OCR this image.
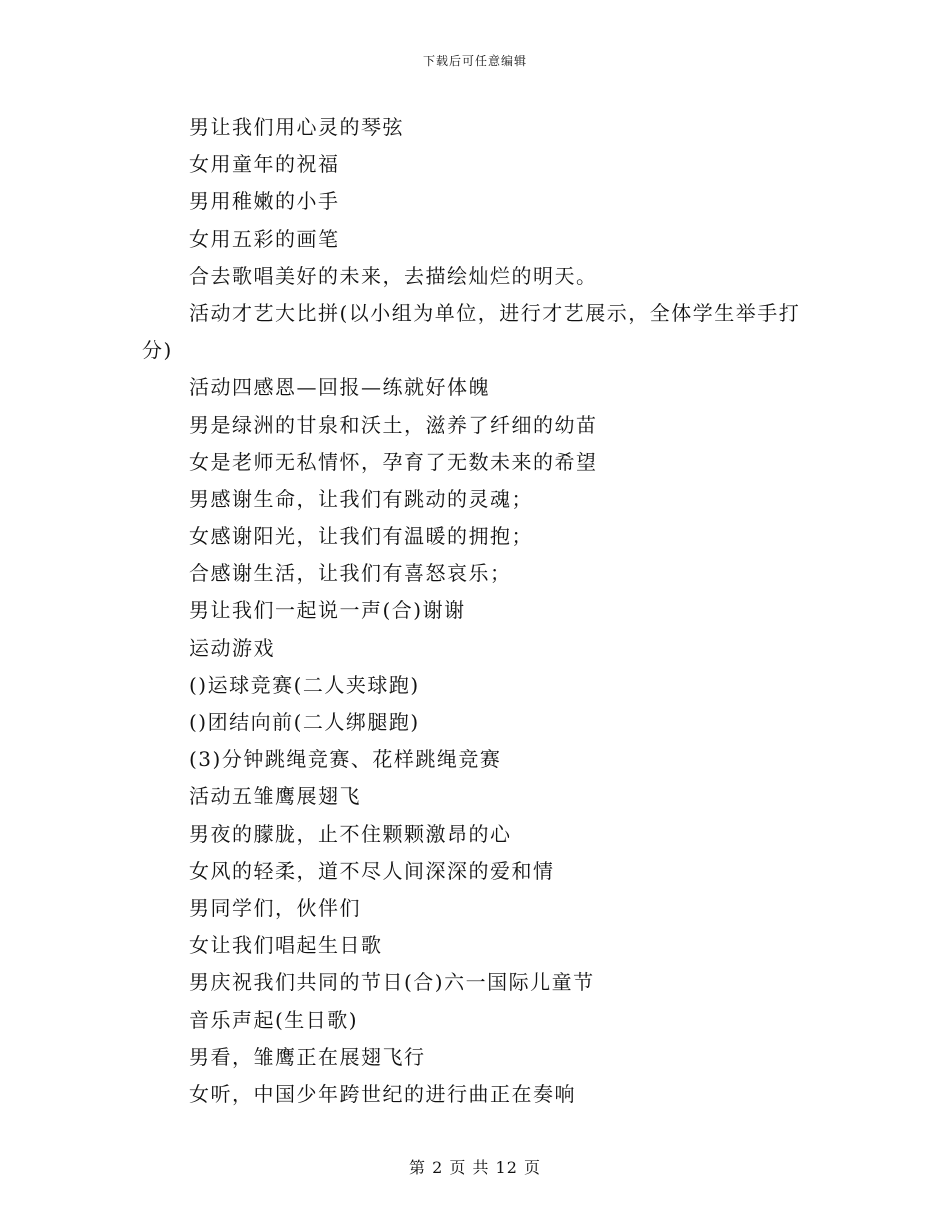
下载后可任意编辑
男让我们用心灵的琴弦
女用童年的祝福
男用稚嫩的小手
女用五彩的画笔
合去歌唱美好的未来，去描绘灿烂的明天。
活动才艺大比拼(以小组为单位，进行才艺展示，全体学生举手打
分)
活动四感恩—回报—练就好体魄
男是绿洲的甘泉和沃土，滋养了纤细的幼苗
女是老师无私情怀，孕育了无数未来的希望
男感谢生命，让我们有跳动的灵魂；
女感谢阳光，让我们有温暖的拥抱；
合感谢生活，让我们有喜怒哀乐；
男让我们一起说一声(合)谢谢
运动游戏
()运球竞赛(二人夹球跑)
()团结向前(二人绑腿跑)
(3)分钟跳绳竞赛、花样跳绳竞赛
活动五雏鹰展翅飞
男夜的朦胧，止不住颗颗激昂的心
女风的轻柔，道不尽人间深深的爱和情
男同学们，伙伴们
女让我们唱起生日歌
男庆祝我们共同的节日(合)六一国际儿童节
音乐声起(生日歌)
男看，雏鹰正在展翅飞行
女听，中国少年跨世纪的进行曲正在奏响
第 2 页 共 12 页
